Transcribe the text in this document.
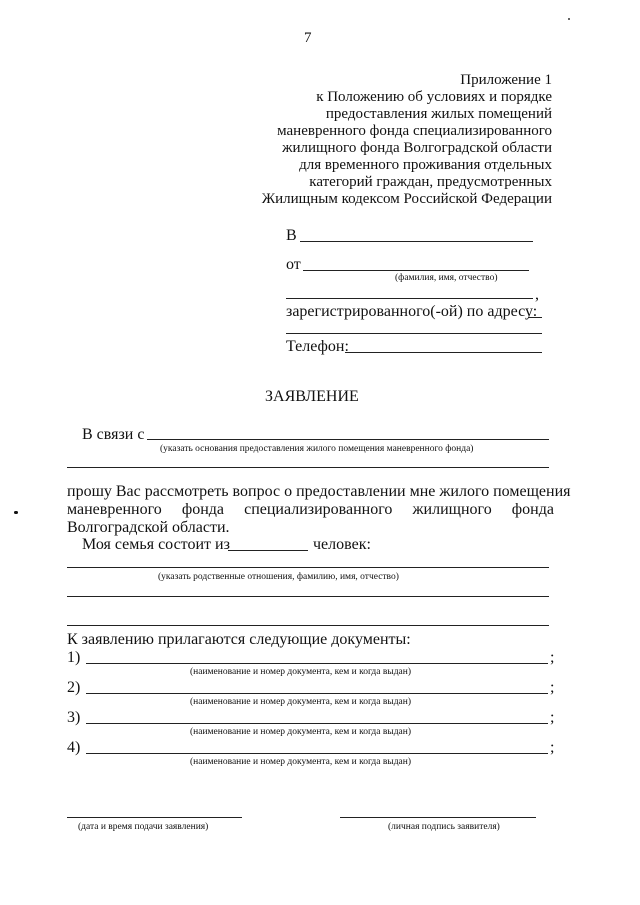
7
Приложение 1
к Положению об условиях и порядке
предоставления жилых помещений
маневренного фонда специализированного
жилищного фонда Волгоградской области
для временного проживания отдельных
категорий граждан, предусмотренных
Жилищным кодексом Российской Федерации
В
от
(фамилия, имя, отчество)
,
зарегистрированного(-ой) по адресу:
Телефон:
ЗАЯВЛЕНИЕ
В связи с
(указать основания предоставления жилого помещения маневренного фонда)
прошу Вас рассмотреть вопрос о предоставлении мне жилого помещения
маневренного фонда специализированного жилищного фонда
Волгоградской области.
Моя семья состоит из	человек:
(указать родственные отношения, фамилию, имя, отчество)
К заявлению прилагаются следующие документы:
1)	;
(наименование и номер документа, кем и когда выдан)
2)	;
(наименование и номер документа, кем и когда выдан)
3)	;
(наименование и номер документа, кем и когда выдан)
4)	;
(наименование и номер документа, кем и когда выдан)
(дата и время подачи заявления)	(личная подпись заявителя)
